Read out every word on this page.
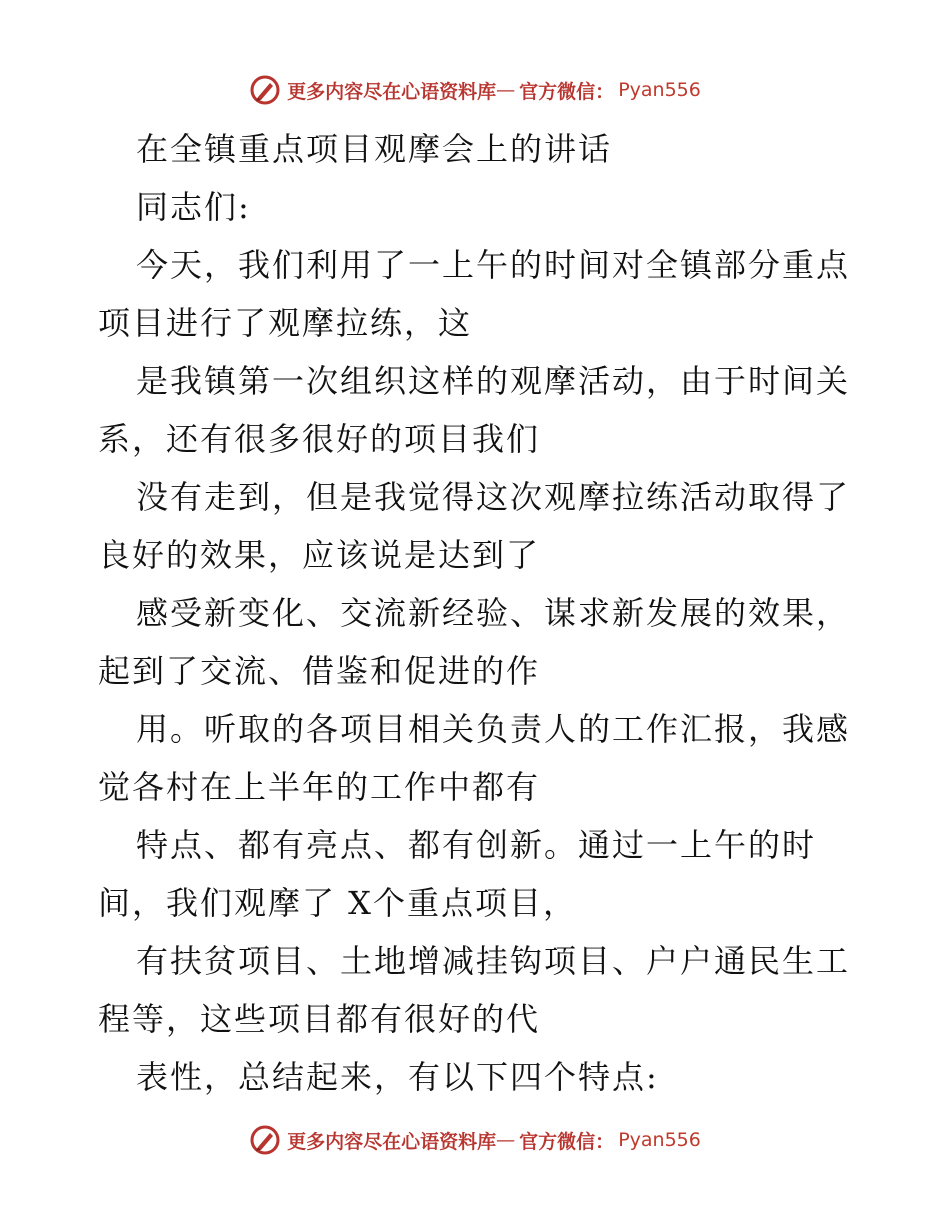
更多内容尽在心语资料库 — 官方微信： Pyan556
在全镇重点项目观摩会上的讲话
同志们:
今天，我们利用了一上午的时间对全镇部分重点
项目进行了观摩拉练，这
是我镇第一次组织这样的观摩活动，由于时间关
系，还有很多很好的项目我们
没有走到，但是我觉得这次观摩拉练活动取得了
良好的效果，应该说是达到了
感受新变化、交流新经验、谋求新发展的效果，
起到了交流、借鉴和促进的作
用。听取的各项目相关负责人的工作汇报，我感
觉各村在上半年的工作中都有
特点、都有亮点、都有创新。通过一上午的时
间，我们观摩了 X个重点项目，
有扶贫项目、土地增减挂钩项目、户户通民生工
程等，这些项目都有很好的代
表性，总结起来，有以下四个特点:
更多内容尽在心语资料库 — 官方微信： Pyan556
